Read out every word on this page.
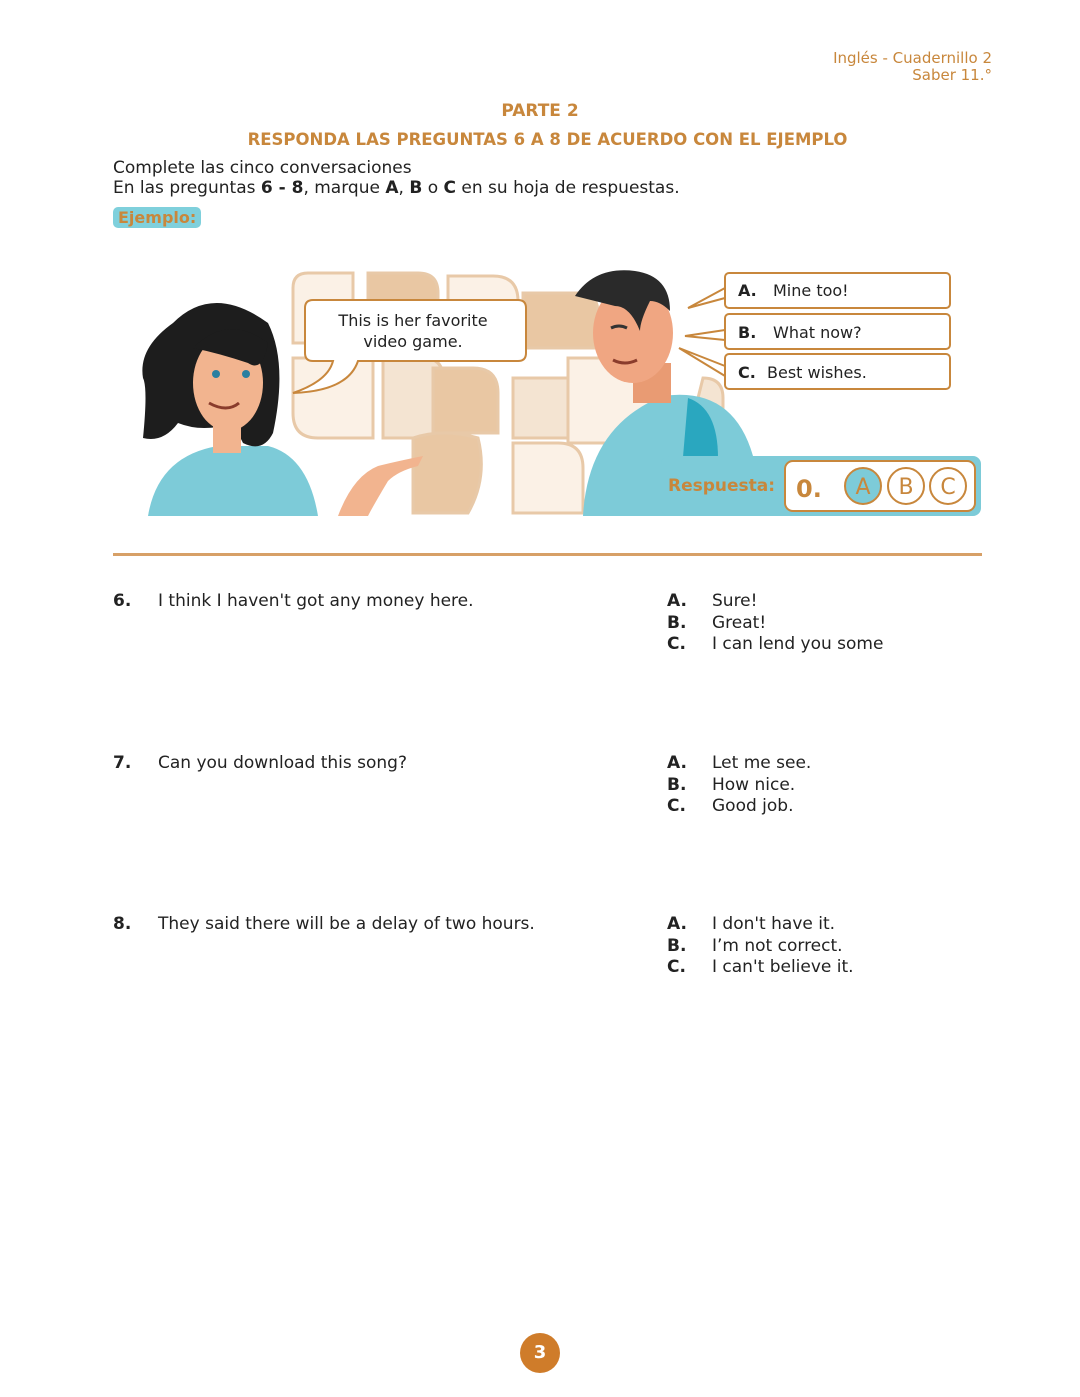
Inglés - Cuadernillo 2
Saber 11.°
PARTE 2
RESPONDA LAS PREGUNTAS 6 A 8 DE ACUERDO CON EL EJEMPLO
Complete las cinco conversaciones
En las preguntas 6 - 8, marque A, B o C en su hoja de respuestas.
Ejemplo:
This is her favorite
video game.
A. Mine too!
B. What now?
C. Best wishes.
Respuesta: 0. A B C
6. I think I haven't got any money here.	A. Sure!
B. Great!
C. I can lend you some
7. Can you download this song?	A. Let me see.
B. How nice.
C. Good job.
8. They said there will be a delay of two hours.	A. I don't have it.
B. I’m not correct.
C. I can't believe it.
3
